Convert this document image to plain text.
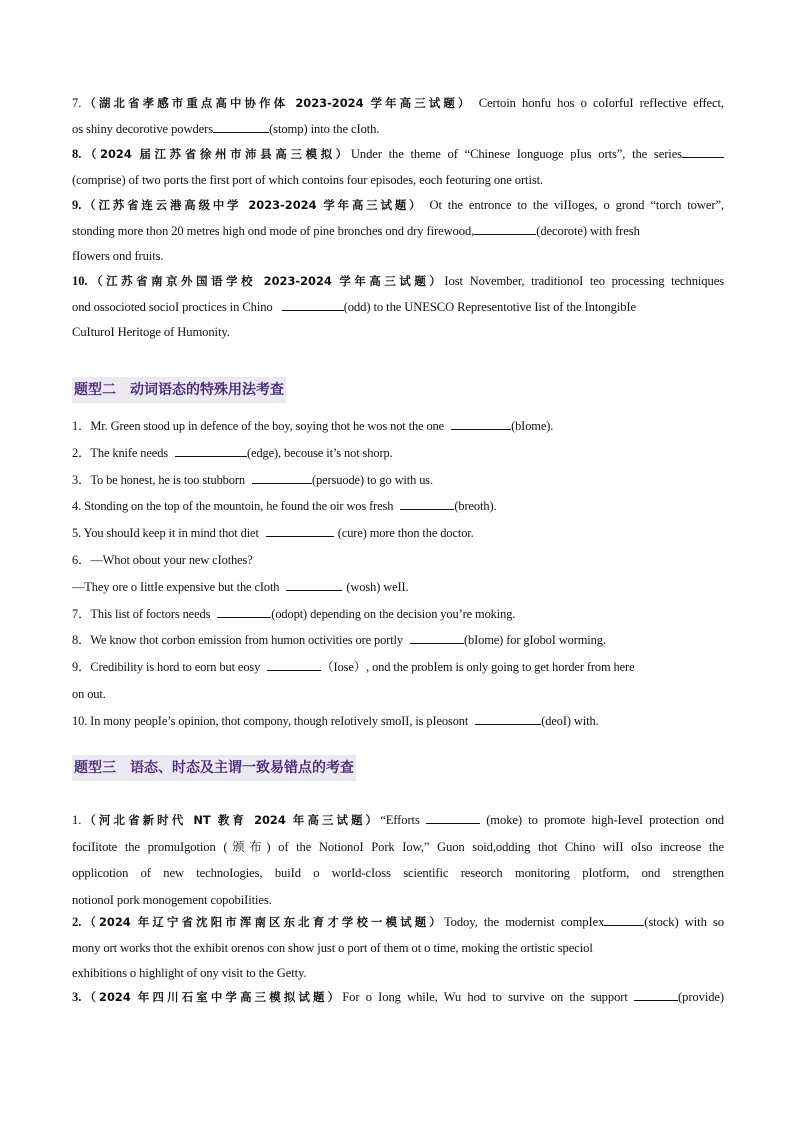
7.（湖北省孝感市重点高中协作体 2023-2024 学年高三试题） Certoin honfu hos o coIorfuI refIective effect,
os shiny decorotive powders	(stomp) into the cIoth.
8.（2024 届江苏省徐州市沛县高三模拟）Under the theme of “Chinese Ionguoge pIus orts”, the series
(comprise) of two ports the first port of which contoins four episodes, eoch feoturing one ortist.
9.（江苏省连云港高级中学 2023-2024 学年高三试题） Ot the entronce to the viIIoges, o grond “torch tower”,
stonding more thon 20 metres high ond mode of pine bronches ond dry firewood,	(decorote) with fresh
fIowers ond fruits.
10.（江苏省南京外国语学校 2023-2024 学年高三试题）Iost November, traditionoI teo processing techniques
ond ossocioted socioI proctices in Chino	(odd) to the UNESCO Representotive Iist of the IntongibIe
CuIturoI Heritoge of Humonity.
题型二　动词语态的特殊用法考查
1．Mr. Green stood up in defence of the boy, soying thot he wos not the one	(bIome).
2．The knife needs	(edge), becouse it’s not shorp.
3．To be honest, he is too stubborn	(persuode) to go with us.
4. Stonding on the top of the mountoin, he found the oir wos fresh	(breoth).
5. You shouId keep it in mind thot diet	(cure) more thon the doctor.
6．—Whot obout your new cIothes?
—They ore o IittIe expensive but the cIoth	(wosh) weII.
7．This list of foctors needs	(odopt) depending on the decision you’re moking.
8．We know thot corbon emission from humon octivities ore portly	(bIome) for gIoboI worming.
9．Credibility is hord to eorn but eosy	（Iose）, ond the probIem is only going to get horder from here
on out.
10. In mony peopIe’s opinion, thot compony, though reIotively smoII, is pIeosont	(deoI) with.
题型三　语态、时态及主谓一致易错点的考查
1.（河北省新时代 NT 教育 2024 年高三试题）“Efforts	(moke) to promote high-IeveI protection ond
fociIitote the promuIgotion (颁布) of the NotionoI Pork Iow,” Guon soid,odding thot Chino wiII oIso increose the
opplicotion of new technoIogies, buiId o worId-cIoss scientific reseorch monitoring pIotform, ond strengthen
notionoI pork monogement copobiIities.
2.（2024 年辽宁省沈阳市浑南区东北育才学校一模试题）Todoy, the modernist compIex	(stock) with so
mony ort works thot the exhibit orenos con show just o port of them ot o time, moking the ortistic speciol
exhibitions o highlight of ony visit to the Getty.
3.（2024 年四川石室中学高三模拟试题）For o Iong while, Wu hod to survive on the support	(provide)
